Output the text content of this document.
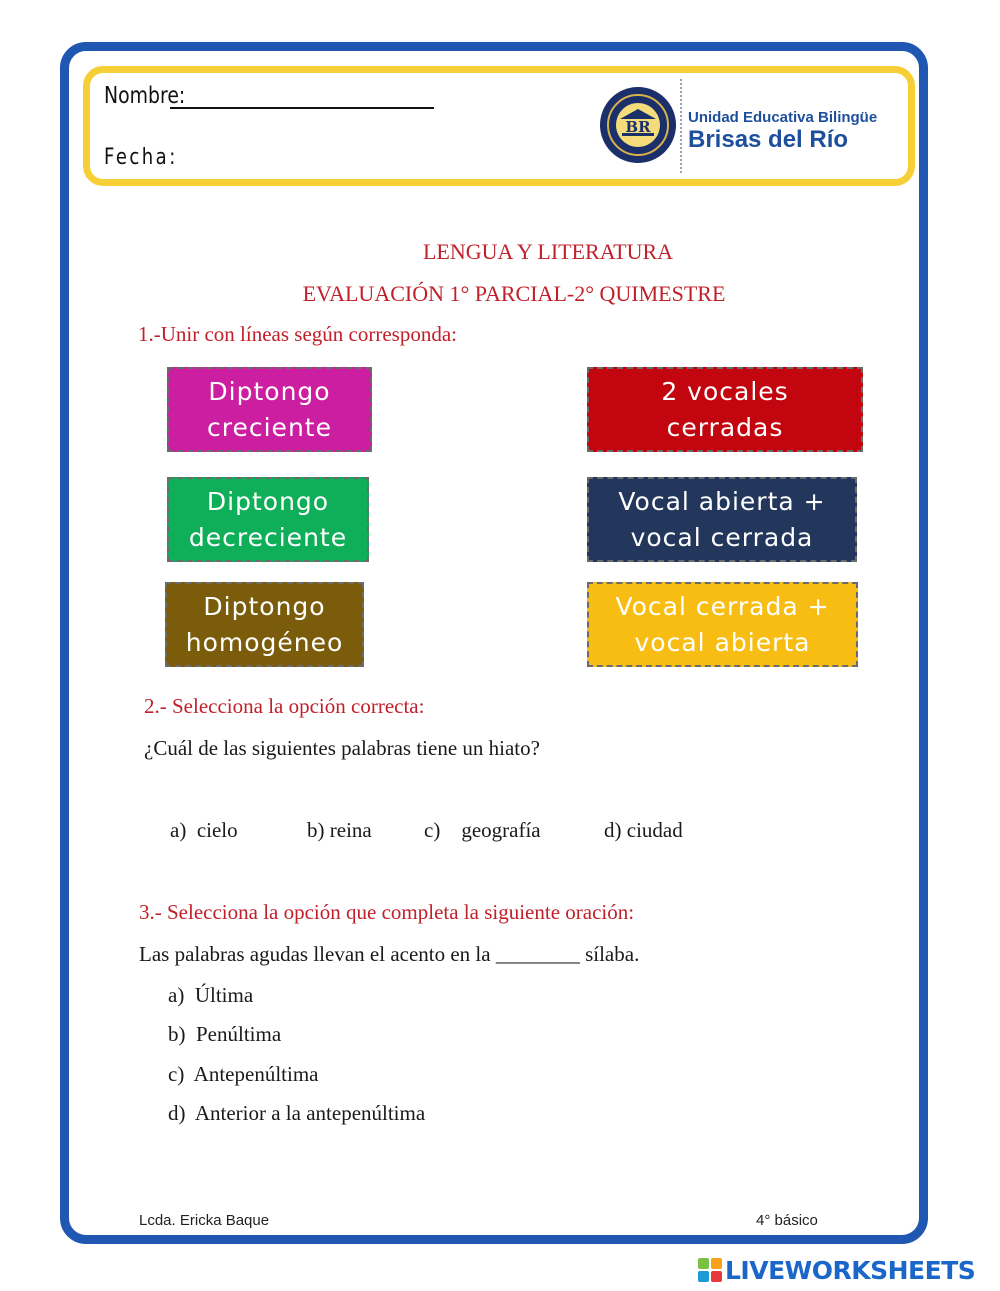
Nombre:
Fecha:
BR
Unidad Educativa Bilingüe
Brisas del Río
LENGUA Y LITERATURA
EVALUACIÓN 1° PARCIAL-2° QUIMESTRE
1.-Unir con líneas según corresponda:
Diptongo
creciente
Diptongo
decreciente
Diptongo
homogéneo
2 vocales
cerradas
Vocal abierta +
vocal cerrada
Vocal cerrada +
vocal abierta
2.- Selecciona la opción correcta:
¿Cuál de las siguientes palabras tiene un hiato?
a) cielo	b) reina c) geografía	d) ciudad
3.- Selecciona la opción que completa la siguiente oración:
Las palabras agudas llevan el acento en la ________ sílaba.
a) Última
b) Penúltima
c) Antepenúltima
d) Anterior a la antepenúltima
Lcda. Ericka Baque	4° básico
LIVEWORKSHEETS
